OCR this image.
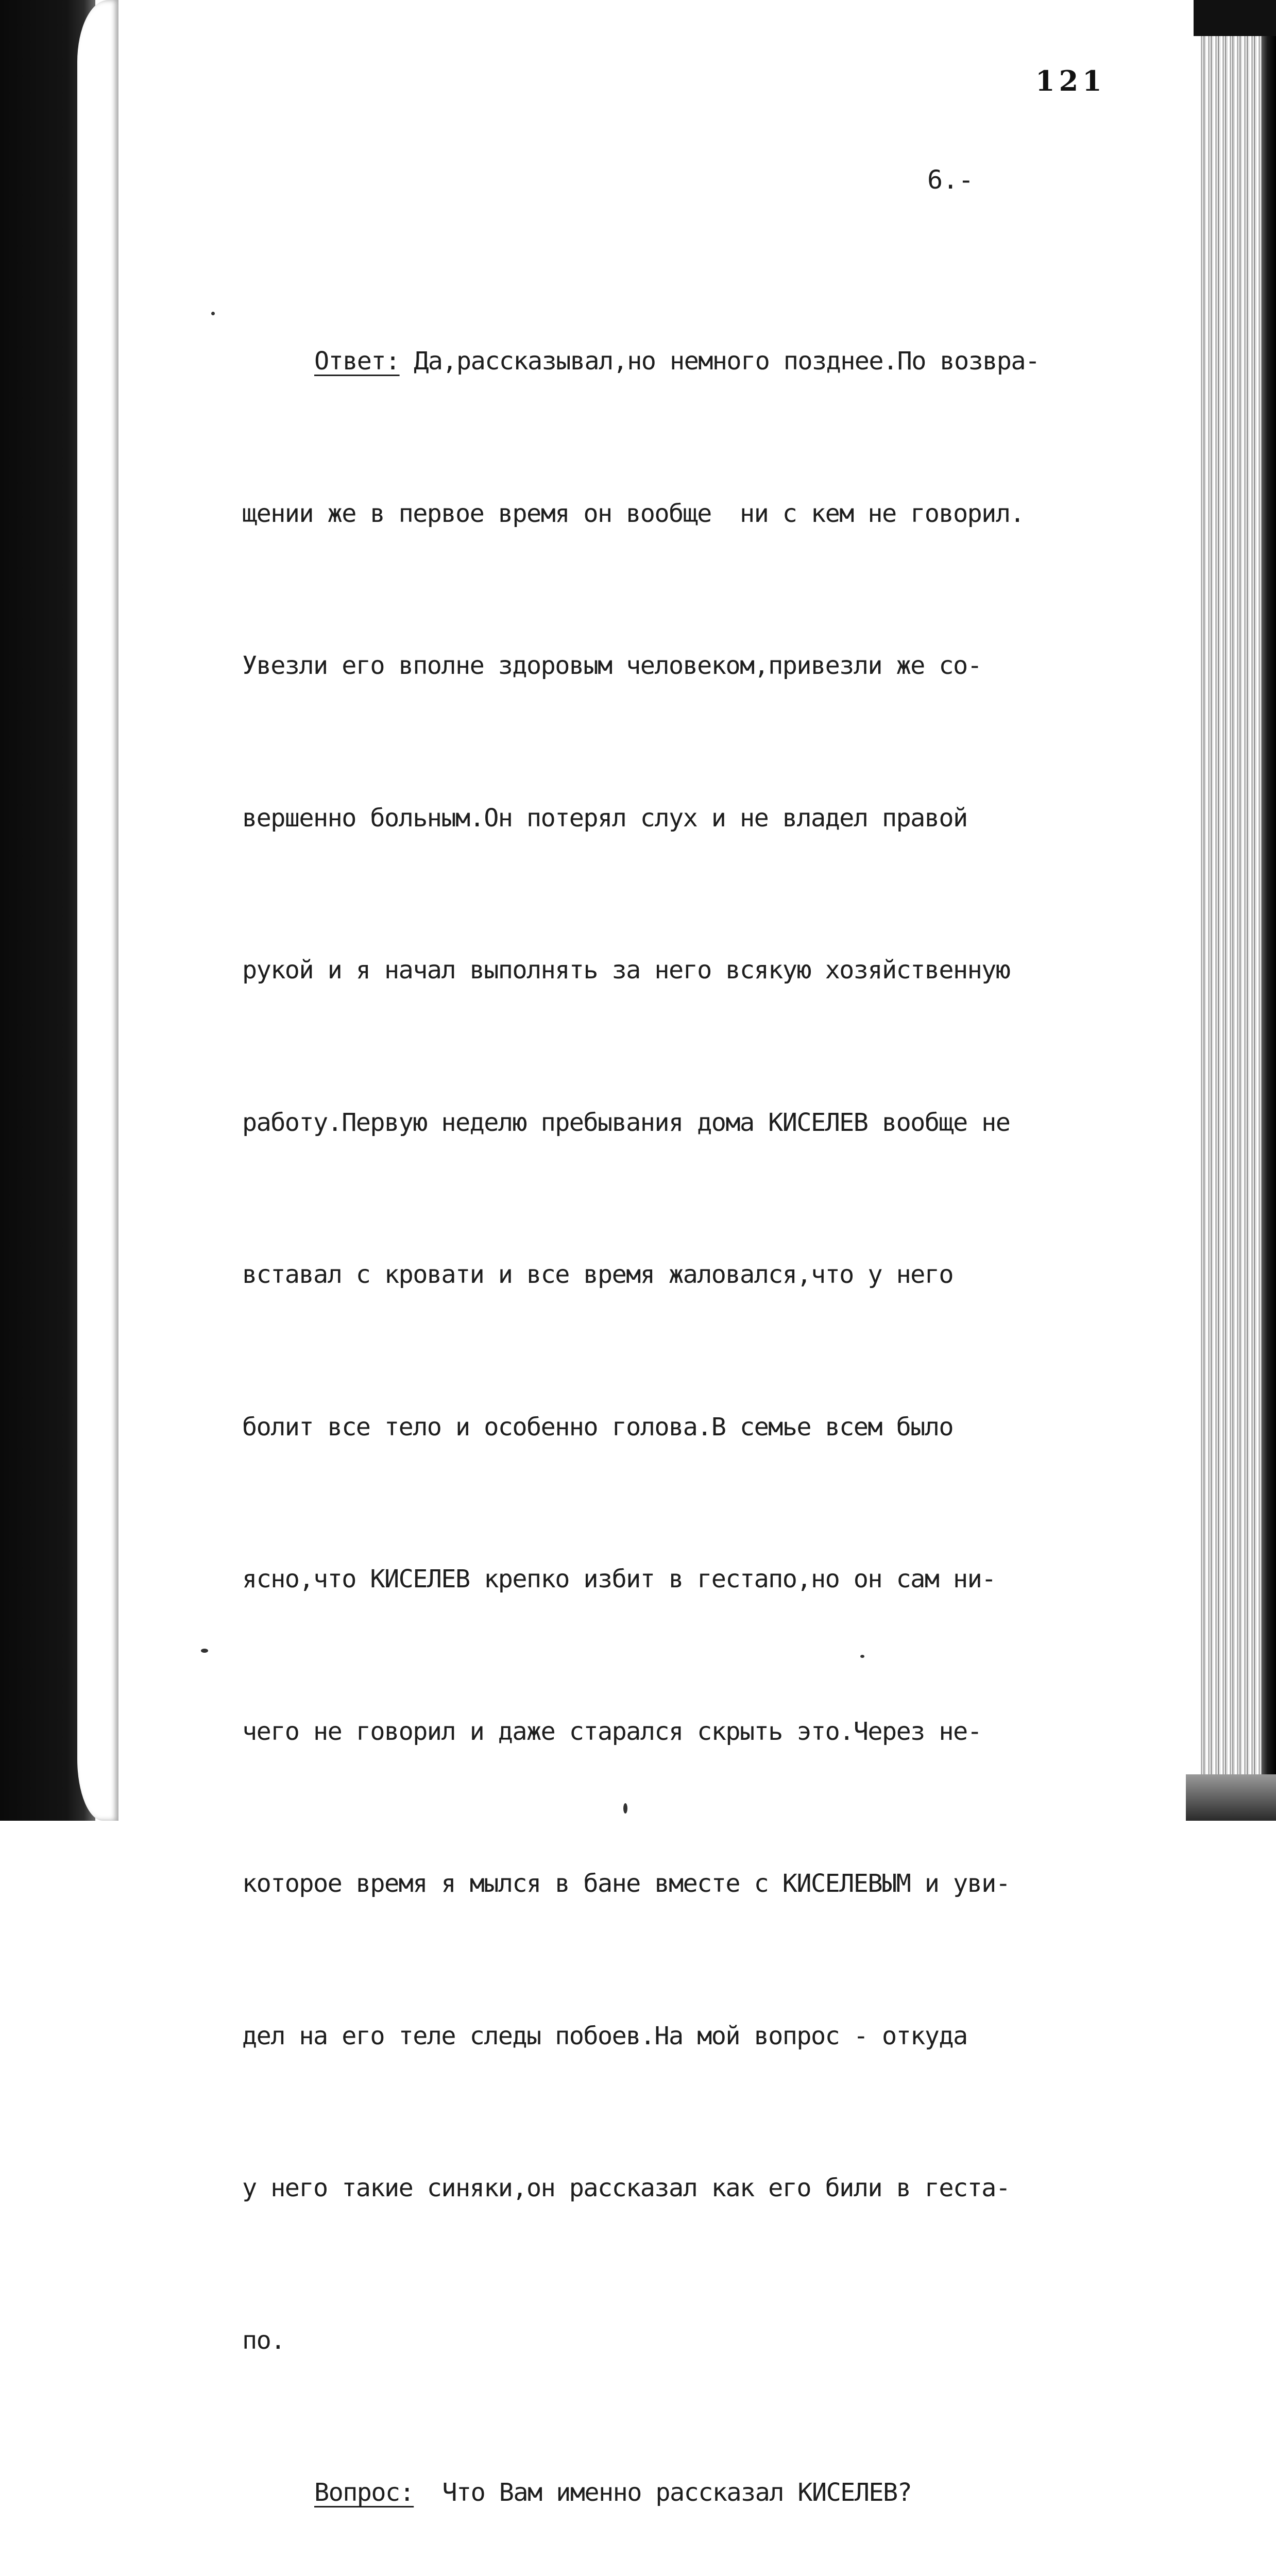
121
6.-

Ответ: Да,рассказывал,но немного позднее.По возвра-

щении же в первое время он вообще  ни с кем не говорил.

Увезли его вполне здоровым человеком,привезли же со-

вершенно больным.Он потерял слух и не владел правой

рукой и я начал выполнять за него всякую хозяйственную

работу.Первую неделю пребывания дома КИСЕЛЕВ вообще не

вставал с кровати и все время жаловался,что у него

болит все тело и особенно голова.В семье всем было

ясно,что КИСЕЛЕВ крепко избит в гестапо,но он сам ни-

чего не говорил и даже старался скрыть это.Через не-

которое время я мылся в бане вместе с КИСЕЛЕВЫМ и уви-

дел на его теле следы побоев.На мой вопрос - откуда

у него такие синяки,он рассказал как его били в геста-

по.

Вопрос:  Что Вам именно рассказал КИСЕЛЕВ?
